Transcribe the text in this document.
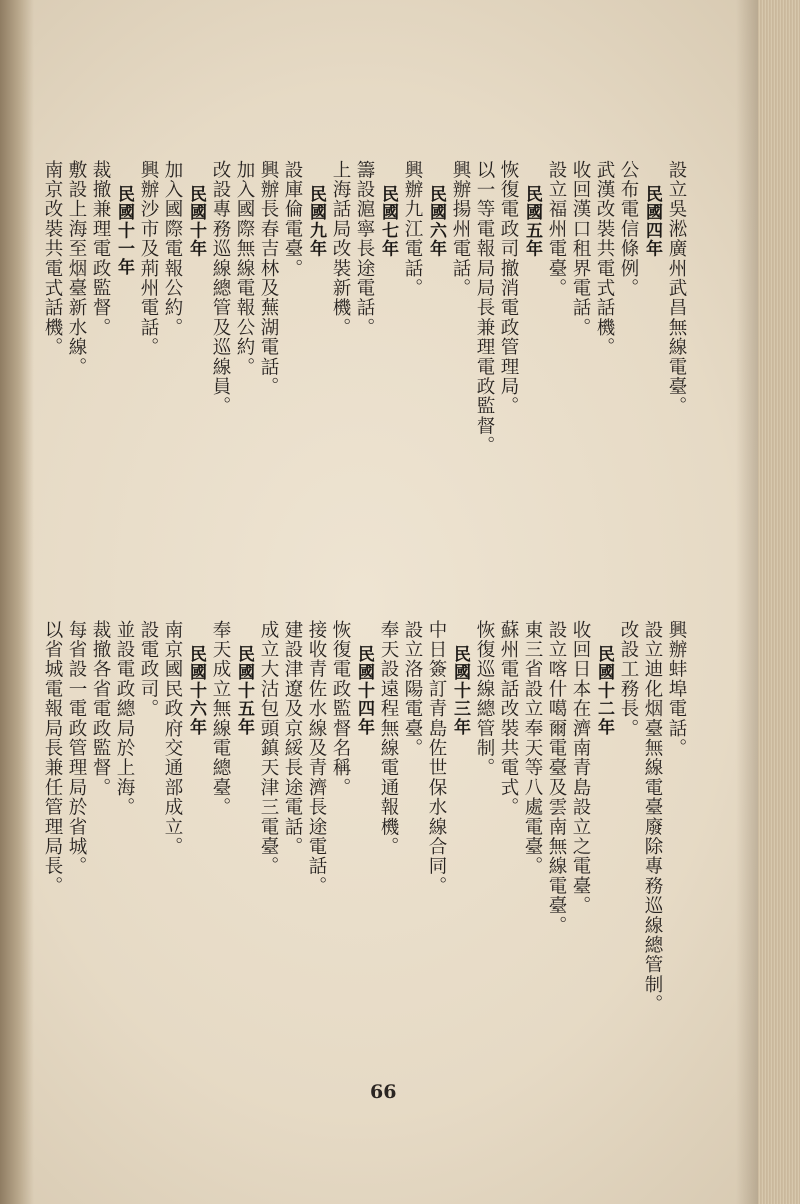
設立吳淞廣州武昌無線電臺。
民國四年
公布電信條例。
武漢改裝共電式話機。
收回漢口租界電話。
設立福州電臺。
民國五年
恢復電政司撤消電政管理局。
以一等電報局局長兼理電政監督。
興辦揚州電話。
民國六年
興辦九江電話。
民國七年
籌設滬寧長途電話。
上海話局改裝新機。
民國九年
設庫倫電臺。
興辦長春吉林及蕪湖電話。
加入國際無線電報公約。
改設專務巡線總管及巡線員。
民國十年
加入國際電報公約。
興辦沙市及荊州電話。
民國十一年
裁撤兼理電政監督。
敷設上海至烟臺新水線。
南京改裝共電式話機。
興辦蚌埠電話。
設立迪化烟臺無線電臺廢除專務巡線總管制。
改設工務長。
民國十二年
收回日本在濟南青島設立之電臺。
設立喀什噶爾電臺及雲南無線電臺。
東三省設立奉天等八處電臺。
蘇州電話改裝共電式。
恢復巡線總管制。
民國十三年
中日簽訂青島佐世保水線合同。
設立洛陽電臺。
奉天設遠程無線電通報機。
民國十四年
恢復電政監督名稱。
接收青佐水線及青濟長途電話。
建設津遼及京綏長途電話。
成立大沽包頭鎮天津三電臺。
民國十五年
奉天成立無線電總臺。
民國十六年
南京國民政府交通部成立。
設電政司。
並設電政總局於上海。
裁撤各省電政監督。
每省設一電政管理局於省城。
以省城電報局長兼任管理局長。
66
